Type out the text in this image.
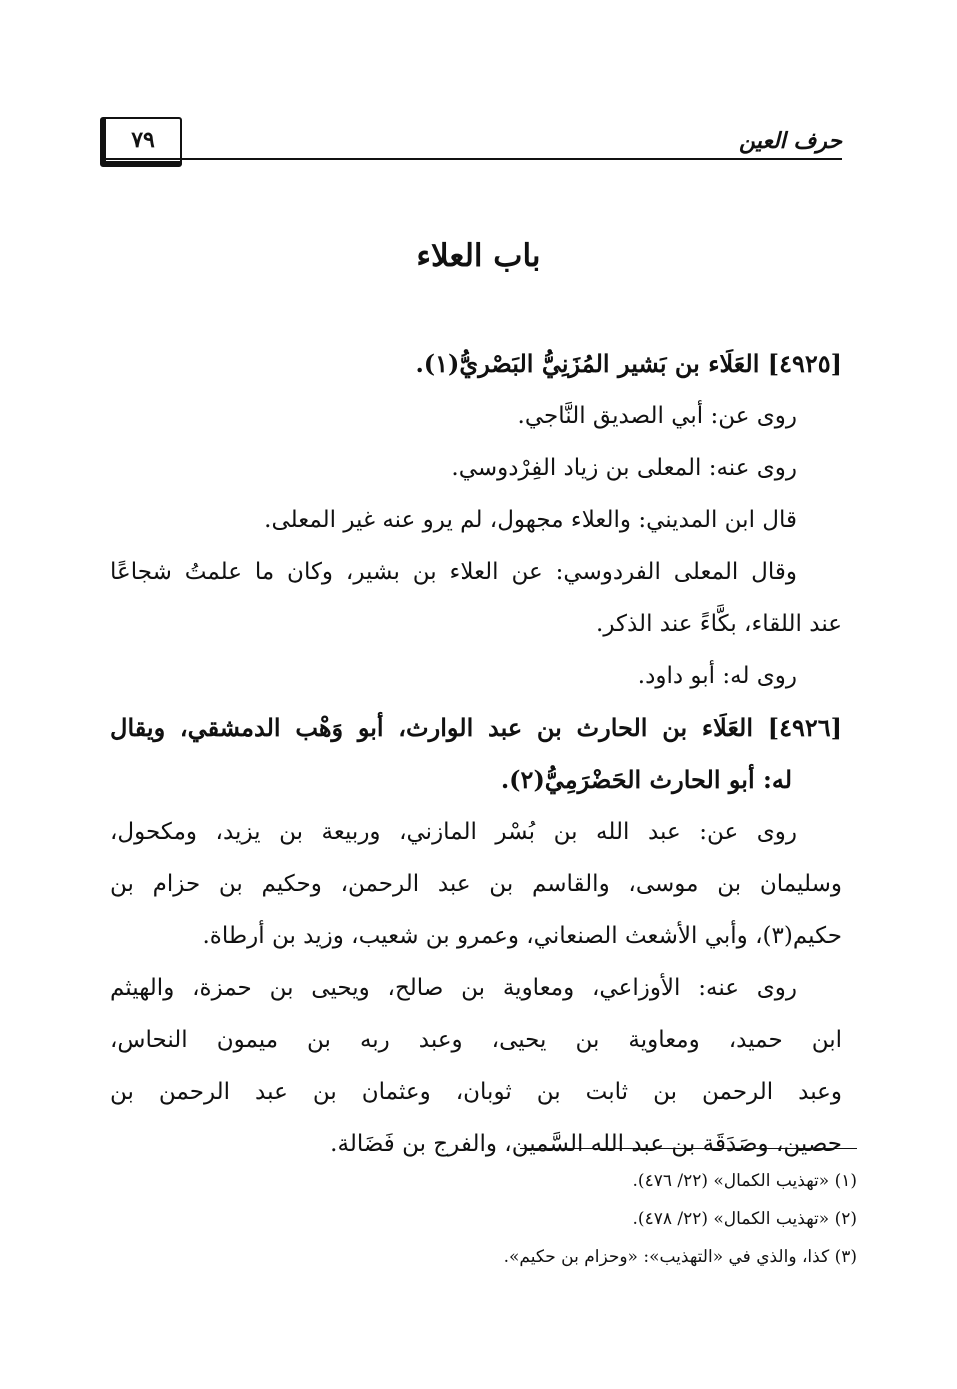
حرف العين
٧٩
باب العلاء
[٤٩٢٥] العَلَاء بن بَشير المُزَنِيُّ البَصْريُّ(١).
روى عن: أبي الصديق النَّاجي.
روى عنه: المعلى بن زياد الفِرْدوسي.
قال ابن المديني: والعلاء مجهول، لم يرو عنه غير المعلى.
وقال المعلى الفردوسي: عن العلاء بن بشير، وكان ما علمتُ شجاعًا
عند اللقاء، بكَّاءً عند الذكر.
روى له: أبو داود.
[٤٩٢٦] العَلَاء بن الحارث بن عبد الوارث، أبو وَهْب الدمشقي، ويقال
له: أبو الحارث الحَضْرَمِيُّ(٢).
روى عن: عبد الله بن بُسْر المازني، وربيعة بن يزيد، ومكحول،
وسليمان بن موسى، والقاسم بن عبد الرحمن، وحكيم بن حزام بن
حكيم(٣)، وأبي الأشعث الصنعاني، وعمرو بن شعيب، وزيد بن أرطاة.
روى عنه: الأوزاعي، ومعاوية بن صالح، ويحيى بن حمزة، والهيثم
ابن حميد، ومعاوية بن يحيى، وعبد ربه بن ميمون النحاس،
وعبد الرحمن بن ثابت بن ثوبان، وعثمان بن عبد الرحمن بن
حصين، وصَدَقَة بن عبد الله السَّمين، والفرج بن فَضَالة.
(١) «تهذيب الكمال» (٢٢/ ٤٧٦).
(٢) «تهذيب الكمال» (٢٢/ ٤٧٨).
(٣) كذا، والذي في «التهذيب»: «وحزام بن حكيم».
